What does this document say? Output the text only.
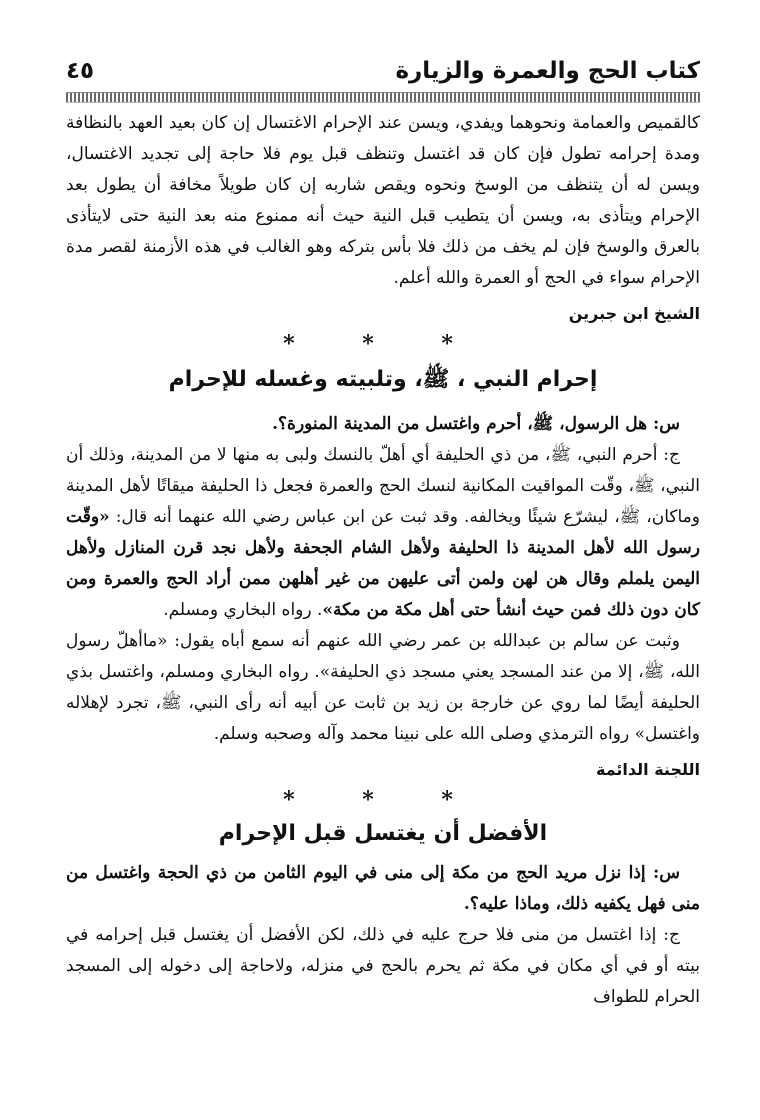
كتاب الحج والعمرة والزيارة
٤٥

كالقميص والعمامة ونحوهما ويفدي، ويسن عند الإحرام الاغتسال إن كان بعيد العهد بالنظافة ومدة إحرامه تطول فإن كان قد اغتسل وتنظف قبل يوم فلا حاجة إلى تجديد الاغتسال، ويسن له أن يتنظف من الوسخ ونحوه ويقص شاربه إن كان طويلاً مخافة أن يطول بعد الإحرام ويتأذى به، ويسن أن يتطيب قبل النية حيث أنه ممنوع منه بعد النية حتى لايتأذى بالعرق والوسخ فإن لم يخف من ذلك فلا بأس بتركه وهو الغالب في هذه الأزمنة لقصر مدة الإحرام سواء في الحج أو العمرة والله أعلم.

الشيخ ابن جبرين
* * *
إحرام النبي ، ﷺ، وتلبيته وغسله للإحرام

س: هل الرسول، ﷺ، أحرم واغتسل من المدينة المنورة؟.

ج: أحرم النبي، ﷺ، من ذي الحليفة أي أهلّ بالنسك ولبى به منها لا من المدينة، وذلك أن النبي، ﷺ، وقّت المواقيت المكانية لنسك الحج والعمرة فجعل ذا الحليفة ميقاتًا لأهل المدينة وماكان، ﷺ، ليشرّع شيئًا ويخالفه. وقد ثبت عن ابن عباس رضي الله عنهما أنه قال: «وقّت رسول الله لأهل المدينة ذا الحليفة ولأهل الشام الجحفة ولأهل نجد قرن المنازل ولأهل اليمن يلملم وقال هن لهن ولمن أتى عليهن من غير أهلهن ممن أراد الحج والعمرة ومن كان دون ذلك فمن حيث أنشأ حتى أهل مكة من مكة». رواه البخاري ومسلم.

وثبت عن سالم بن عبدالله بن عمر رضي الله عنهم أنه سمع أباه يقول: «ماأهلّ رسول الله، ﷺ، إلا من عند المسجد يعني مسجد ذي الحليفة». رواه البخاري ومسلم، واغتسل بذي الحليفة أيضًا لما روي عن خارجة بن زيد بن ثابت عن أبيه أنه رأى النبي، ﷺ، تجرد لإهلاله واغتسل» رواه الترمذي وصلى الله على نبينا محمد وآله وصحبه وسلم.

اللجنة الدائمة
* * *
الأفضل أن يغتسل قبل الإحرام

س: إذا نزل مريد الحج من مكة إلى منى في اليوم الثامن من ذي الحجة واغتسل من منى فهل يكفيه ذلك، وماذا عليه؟.

ج: إذا اغتسل من منى فلا حرج عليه في ذلك، لكن الأفضل أن يغتسل قبل إحرامه في بيته أو في أي مكان في مكة ثم يحرم بالحج في منزله، ولاحاجة إلى دخوله إلى المسجد الحرام للطواف
